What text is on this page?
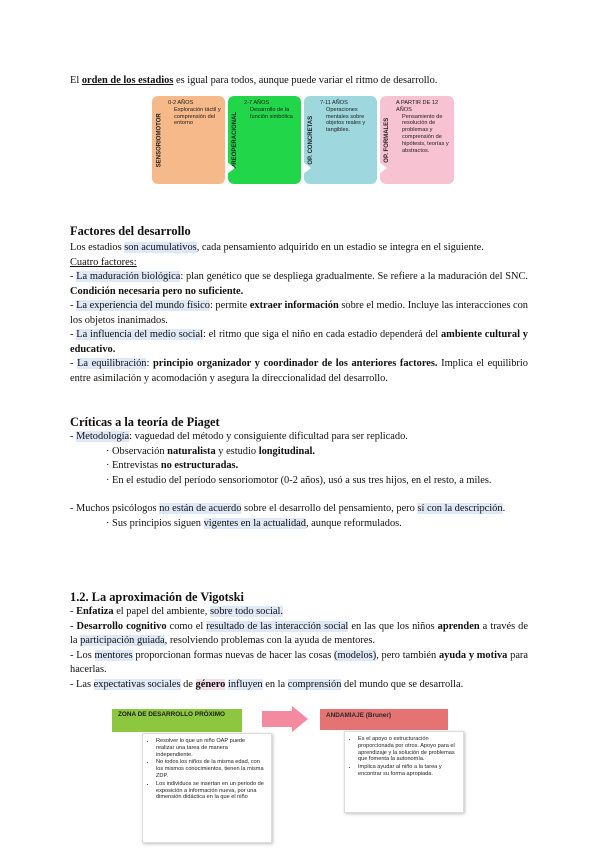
El orden de los estadios es igual para todos, aunque puede variar el ritmo de desarrollo.
SENSORIOMOTOR
0-2 AÑOS
Exploración táctil y comprensión del entorno	PREOPERACIONAL
2-7 AÑOS
Desarrollo de la función simbólica	OP. CONCRETAS
7-11 AÑOS
Operaciones mentales sobre objetos reales y tangibles.	OP. FORMALES
A PARTIR DE 12 AÑOS
Pensamiento de resolución de problemas y comprensión de hipótesis, teorías y abstractos.
Factores del desarrollo

Los estadios son acumulativos, cada pensamiento adquirido en un estadio se integra en el siguiente.

Cuatro factores:

- La maduración biológica: plan genético que se despliega gradualmente. Se refiere a la maduración del SNC. Condición necesaria pero no suficiente.

- La experiencia del mundo físico: permite extraer información sobre el medio. Incluye las interacciones con los objetos inanimados.

- La influencia del medio social: el ritmo que siga el niño en cada estadio dependerá del ambiente cultural y educativo.

- La equilibración: principio organizador y coordinador de los anteriores factores. Implica el equilibrio entre asimilación y acomodación y asegura la direccionalidad del desarrollo.

Críticas a la teoría de Piaget

- Metodología: vaguedad del método y consiguiente dificultad para ser replicado.

· Observación naturalista y estudio longitudinal.

· Entrevistas no estructuradas.

· En el estudio del período sensoriomotor (0-2 años), usó a sus tres hijos, en el resto, a miles.

- Muchos psicólogos no están de acuerdo sobre el desarrollo del pensamiento, pero sí con la descripción.

· Sus principios siguen vigentes en la actualidad, aunque reformulados.

1.2. La aproximación de Vigotski

- Enfatiza el papel del ambiente, sobre todo social.

- Desarrollo cognitivo como el resultado de las interacción social en las que los niños aprenden a través de la participación guiada, resolviendo problemas con la ayuda de mentores.

- Los mentores proporcionan formas nuevas de hacer las cosas (modelos), pero también ayuda y motiva para hacerlas.

- Las expectativas sociales de género influyen en la comprensión del mundo que se desarrolla.

ZONA DE DESARROLLO PRÓXIMO
• Resolver lo que un niño OAP puede realizar una tarea de manera independiente.
• No todos los niños de la misma edad, con los mismos conocimientos, tienen la misma ZDP.
• Los individuos se insertan en un periodo de exposición a información nueva, por una dimensión didáctica en la que el niño
ANDAMIAJE (Bruner)
• Es el apoyo o estructuración proporcionada por otros. Apoyo para el aprendizaje y la solución de problemas que fomenta la autonomía.
• Implica ayudar al niño a la tarea y encontrar su forma apropiada.
